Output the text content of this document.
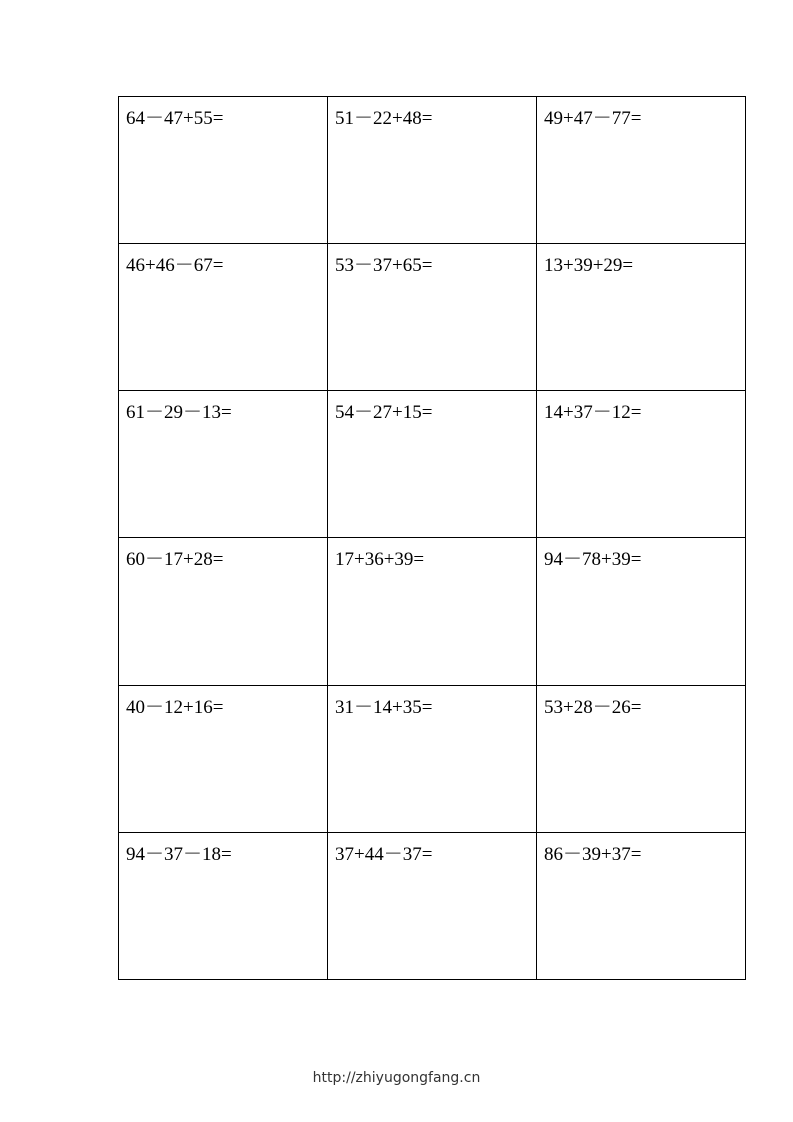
64－47+55=	51－22+48=	49+47－77=

46+46－67=	53－37+65=	13+39+29=

61－29－13=	54－27+15=	14+37－12=

60－17+28=	17+36+39=	94－78+39=

40－12+16=	31－14+35=	53+28－26=

94－37－18=	37+44－37=	86－39+37=
http://zhiyugongfang.cn
